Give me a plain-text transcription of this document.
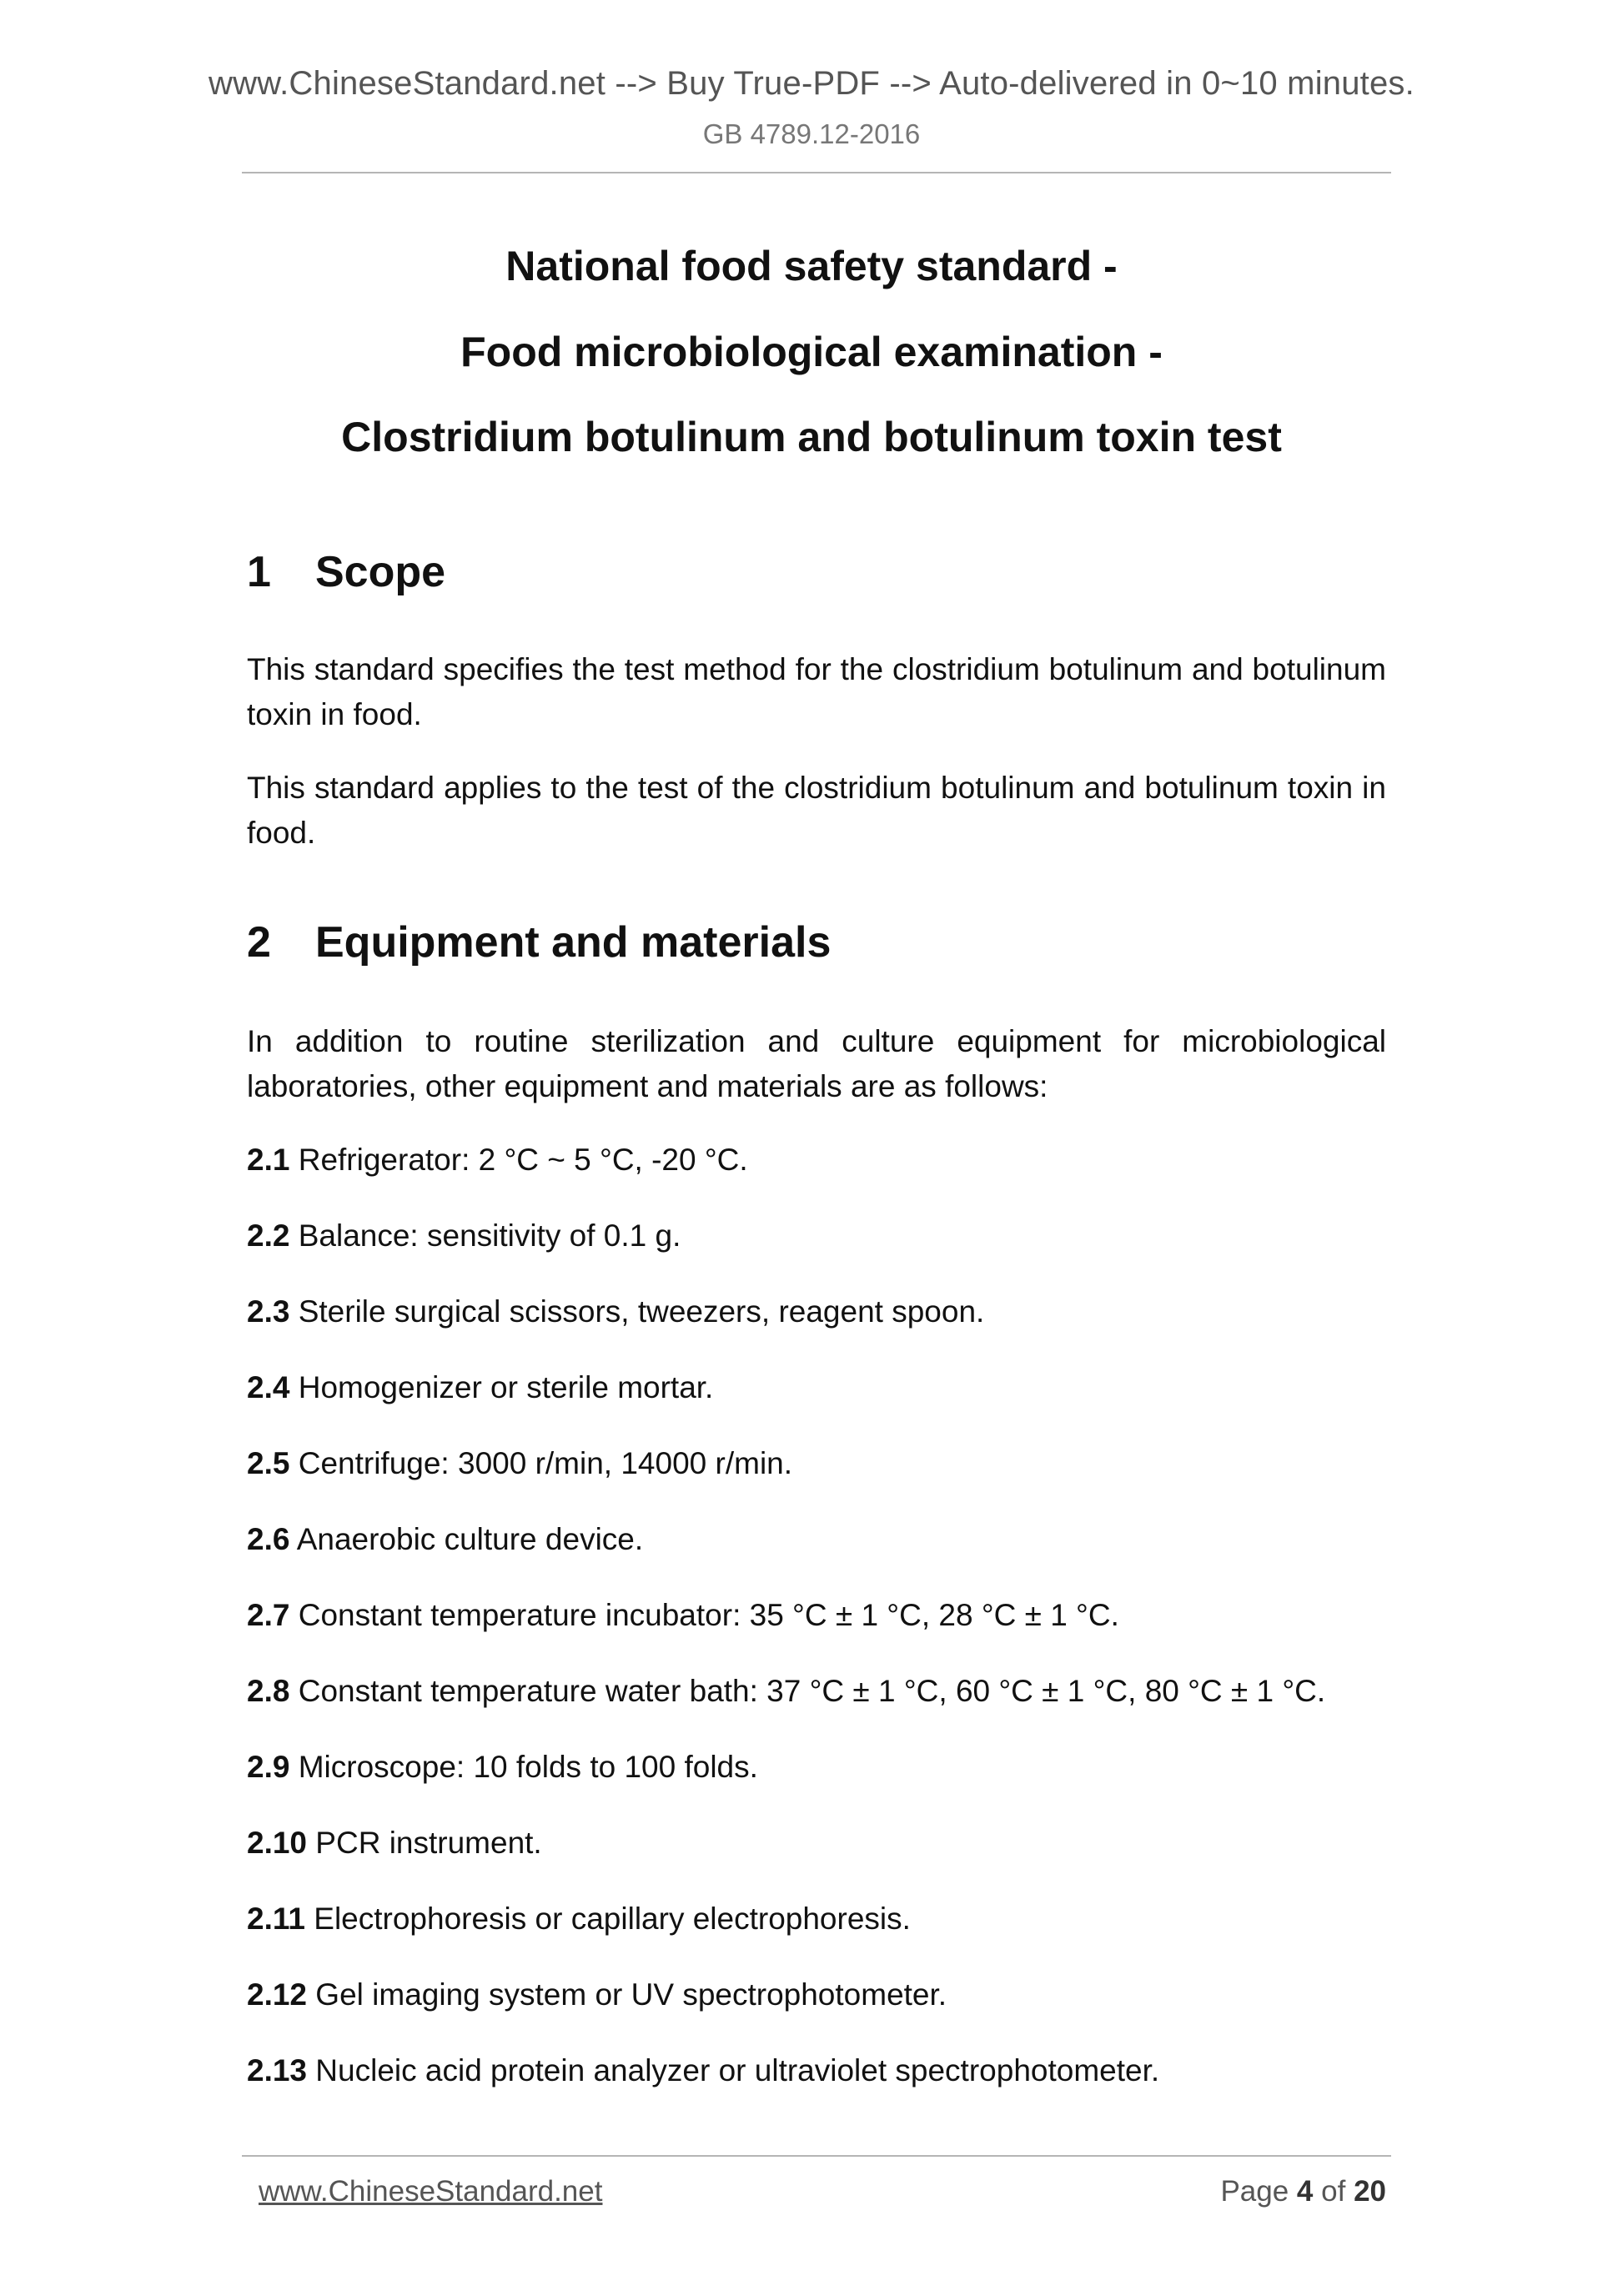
www.ChineseStandard.net --> Buy True-PDF --> Auto-delivered in 0~10 minutes.
GB 4789.12-2016
National food safety standard -
Food microbiological examination -
Clostridium botulinum and botulinum toxin test
1 Scope
This standard specifies the test method for the clostridium botulinum and botulinum toxin in food.
This standard applies to the test of the clostridium botulinum and botulinum toxin in food.
2 Equipment and materials
In addition to routine sterilization and culture equipment for microbiological laboratories, other equipment and materials are as follows:
2.1 Refrigerator: 2 °C ~ 5 °C, -20 °C.
2.2 Balance: sensitivity of 0.1 g.
2.3 Sterile surgical scissors, tweezers, reagent spoon.
2.4 Homogenizer or sterile mortar.
2.5 Centrifuge: 3000 r/min, 14000 r/min.
2.6 Anaerobic culture device.
2.7 Constant temperature incubator: 35 °C ± 1 °C, 28 °C ± 1 °C.
2.8 Constant temperature water bath: 37 °C ± 1 °C, 60 °C ± 1 °C, 80 °C ± 1 °C.
2.9 Microscope: 10 folds to 100 folds.
2.10 PCR instrument.
2.11 Electrophoresis or capillary electrophoresis.
2.12 Gel imaging system or UV spectrophotometer.
2.13 Nucleic acid protein analyzer or ultraviolet spectrophotometer.
www.ChineseStandard.net	Page 4 of 20
